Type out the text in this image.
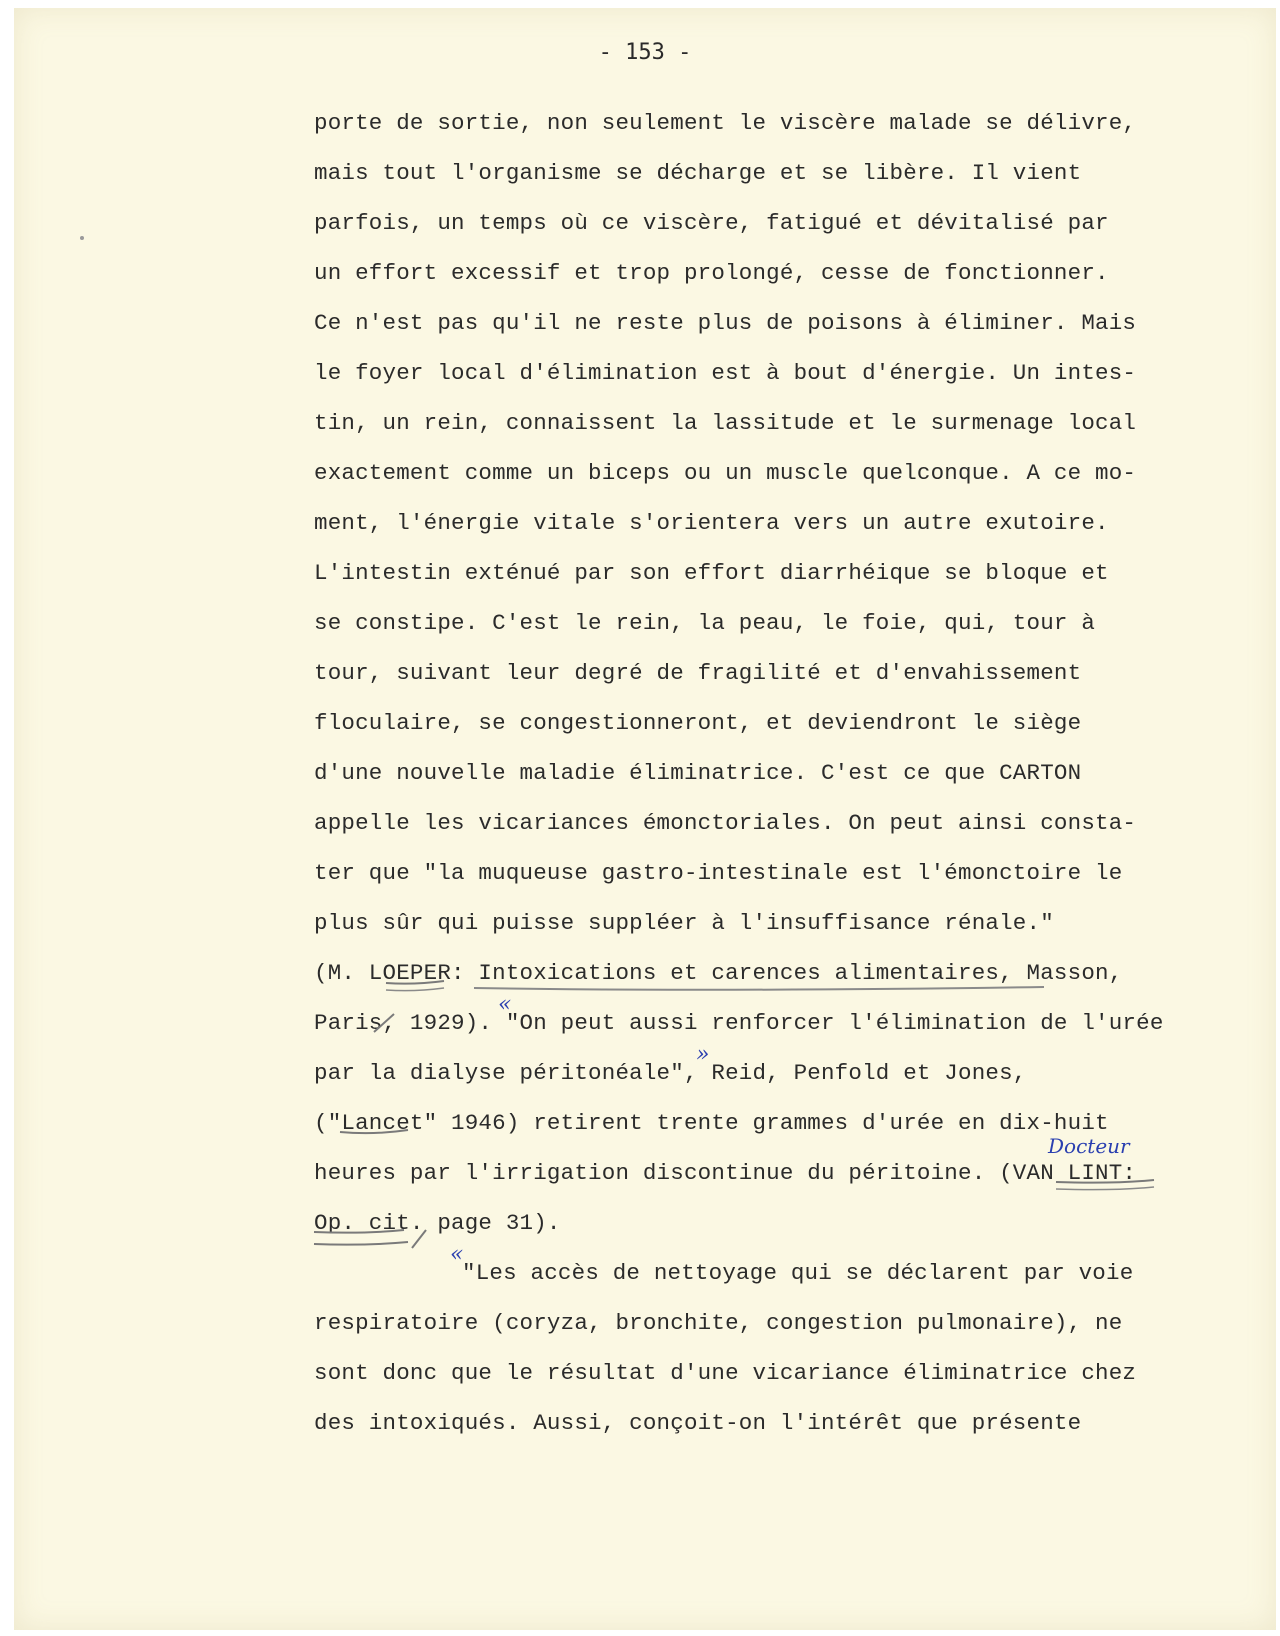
- 153 -
porte de sortie, non seulement le viscère malade se délivre,
mais tout l'organisme se décharge et se libère. Il vient
parfois, un temps où ce viscère, fatigué et dévitalisé par
un effort excessif et trop prolongé, cesse de fonctionner.
Ce n'est pas qu'il ne reste plus de poisons à éliminer. Mais
le foyer local d'élimination est à bout d'énergie. Un intes-
tin, un rein, connaissent la lassitude et le surmenage local
exactement comme un biceps ou un muscle quelconque. A ce mo-
ment, l'énergie vitale s'orientera vers un autre exutoire.
L'intestin exténué par son effort diarrhéique se bloque et
se constipe. C'est le rein, la peau, le foie, qui, tour à
tour, suivant leur degré de fragilité et d'envahissement
floculaire, se congestionneront, et deviendront le siège
d'une nouvelle maladie éliminatrice. C'est ce que CARTON
appelle les vicariances émonctoriales. On peut ainsi consta-
ter que "la muqueuse gastro-intestinale est l'émonctoire le
plus sûr qui puisse suppléer à l'insuffisance rénale."
(M. LOEPER: Intoxications et carences alimentaires, Masson,
Paris, 1929). "On peut aussi renforcer l'élimination de l'urée
par la dialyse péritonéale", Reid, Penfold et Jones,
("Lancet" 1946) retirent trente grammes d'urée en dix-huit
heures par l'irrigation discontinue du péritoine. (VAN LINT:
Op. cit. page 31).
"Les accès de nettoyage qui se déclarent par voie
respiratoire (coryza, bronchite, congestion pulmonaire), ne
sont donc que le résultat d'une vicariance éliminatrice chez
des intoxiqués. Aussi, conçoit-on l'intérêt que présente
«
»
Docteur
«
